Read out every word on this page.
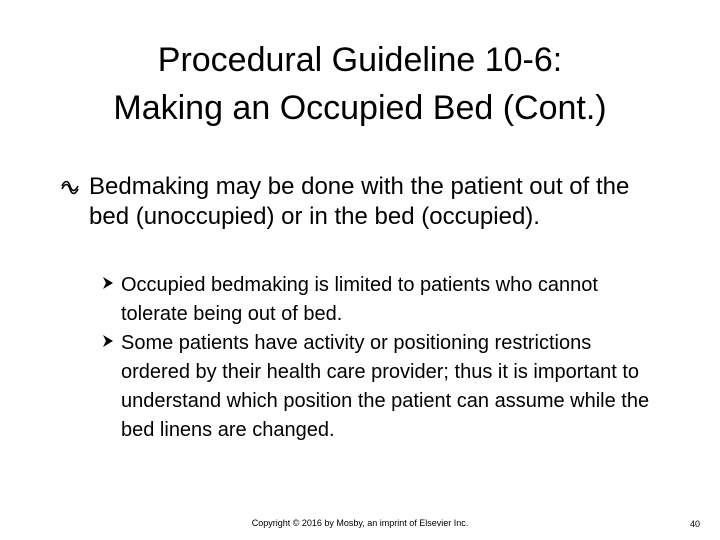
Procedural Guideline 10-6:
Making an Occupied Bed (Cont.)
Bedmaking may be done with the patient out of the bed (unoccupied) or in the bed (occupied).
Occupied bedmaking is limited to patients who cannot tolerate being out of bed.
Some patients have activity or positioning restrictions ordered by their health care provider; thus it is important to understand which position the patient can assume while the bed linens are changed.
Copyright © 2016 by Mosby, an imprint of Elsevier Inc.	40
